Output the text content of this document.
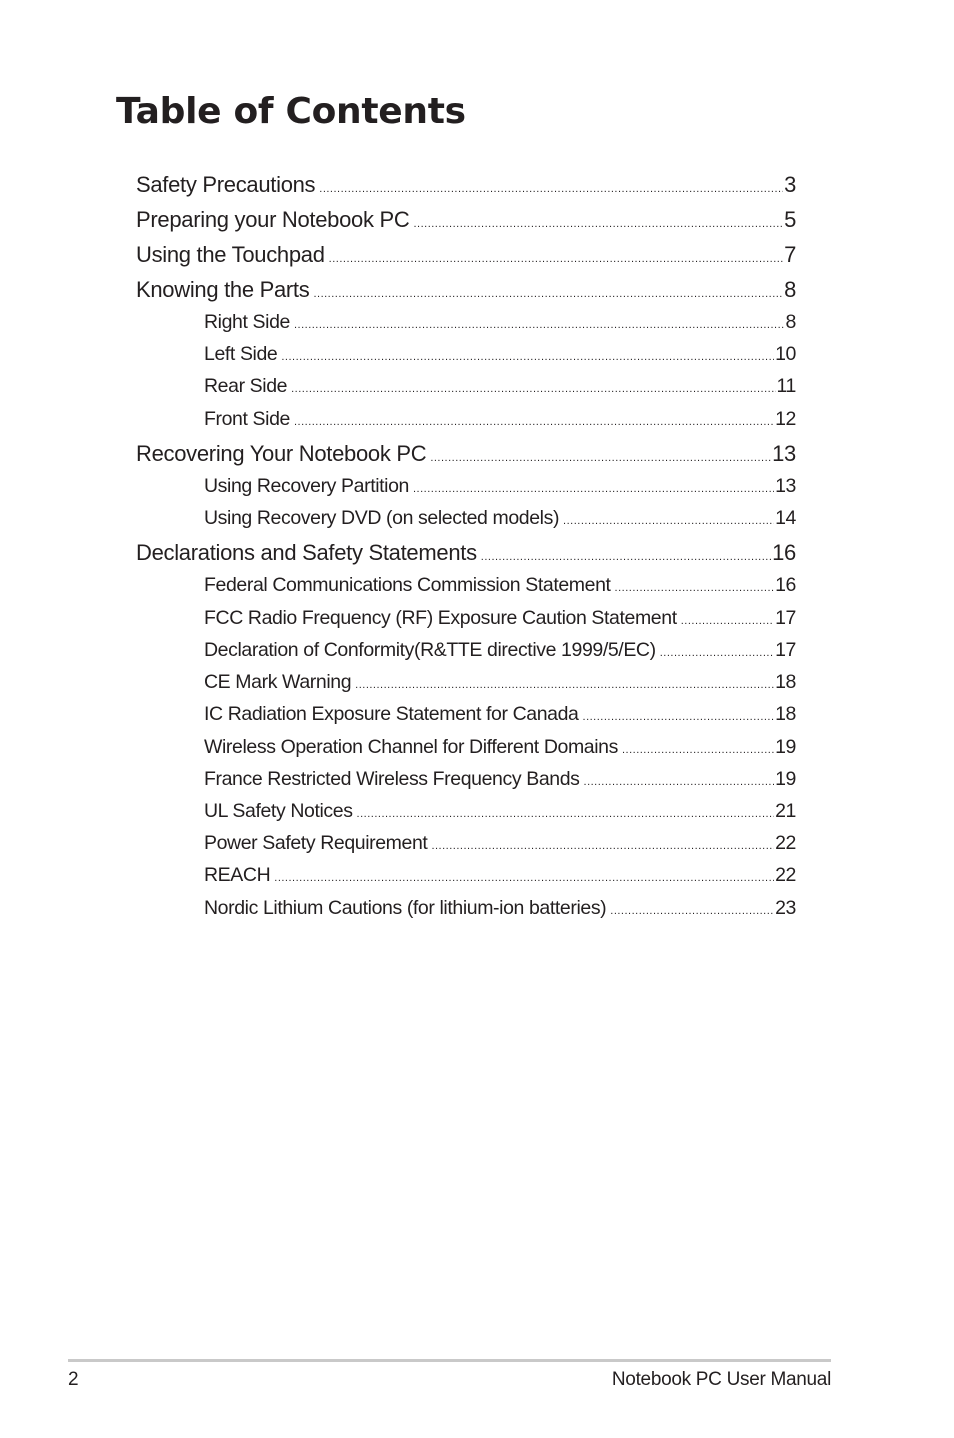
Table of Contents
Safety Precautions .....	3
Preparing your Notebook PC .....	5
Using the Touchpad .....	7
Knowing the Parts .....	8
Right Side .....	8
Left Side .....	10
Rear Side .....	11
Front Side .....	12
Recovering Your Notebook PC .....	13
Using Recovery Partition .....	13
Using Recovery DVD (on selected models) .....	14
Declarations and Safety Statements .....	16
Federal Communications Commission Statement .....	16
FCC Radio Frequency (RF) Exposure Caution Statement .....	17
Declaration of Conformity(R&TTE directive 1999/5/EC) .....	17
CE Mark Warning .....	18
IC Radiation Exposure Statement for Canada .....	18
Wireless Operation Channel for Different Domains .....	19
France Restricted Wireless Frequency Bands .....	19
UL Safety Notices .....	21
Power Safety Requirement .....	22
REACH .....	22
Nordic Lithium Cautions (for lithium-ion batteries) .....	23
2	Notebook PC User Manual
